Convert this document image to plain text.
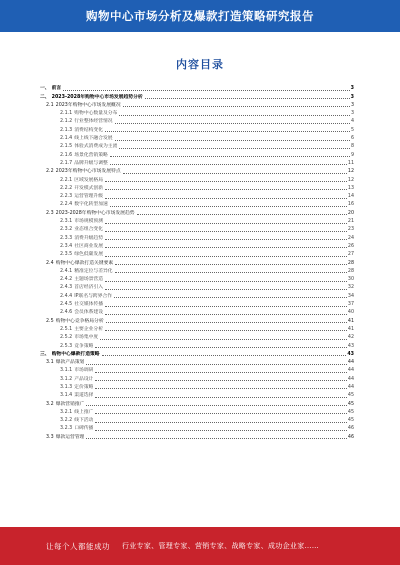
购物中心市场分析及爆款打造策略研究报告
内容目录
一、 前言	3
二、 2023-2028年购物中心市场发展趋势分析	3
2.1 2023年购物中心市场发展概况	3
2.1.1 购物中心数量及分布	3
2.1.2 行业整体经营情况	4
2.1.3 消费结构变化	5
2.1.4 线上线下融合发展	6
2.1.5 体验式消费成为主流	8
2.1.6 场景化营销策略	9
2.1.7 品牌升级与调整	11
2.2 2023年购物中心市场发展特点	12
2.2.1 区域发展格局	12
2.2.2 开发模式创新	13
2.2.3 运营管理升级	14
2.2.4 数字化转型加速	16
2.3 2023-2028年购物中心市场发展趋势	20
2.3.1 市场规模预测	21
2.3.2 业态组合变化	23
2.3.3 消费升级趋势	24
2.3.4 社区商业发展	26
2.3.5 绿色低碳发展	27
2.4 购物中心爆款打造关键要素	28
2.4.1 精准定位与差异化	28
2.4.2 主题场景营造	30
2.4.3 首店经济引入	32
2.4.4 IP联名与跨界合作	34
2.4.5 社交媒体传播	37
2.4.6 会员体系建设	40
2.5 购物中心竞争格局分析	41
2.5.1 主要企业分析	41
2.5.2 市场集中度	42
2.5.3 竞争策略	43
三、 购物中心爆款打造策略	43
3.1 爆款产品策划	44
3.1.1 市场调研	44
3.1.2 产品设计	44
3.1.3 定价策略	44
3.1.4 渠道选择	45
3.2 爆款营销推广	45
3.2.1 线上推广	45
3.2.2 线下活动	45
3.2.3 口碑传播	46
3.3 爆款运营管理	46
让每个人都能成功 行业专家、管理专家、营销专家、战略专家、成功企业家……
